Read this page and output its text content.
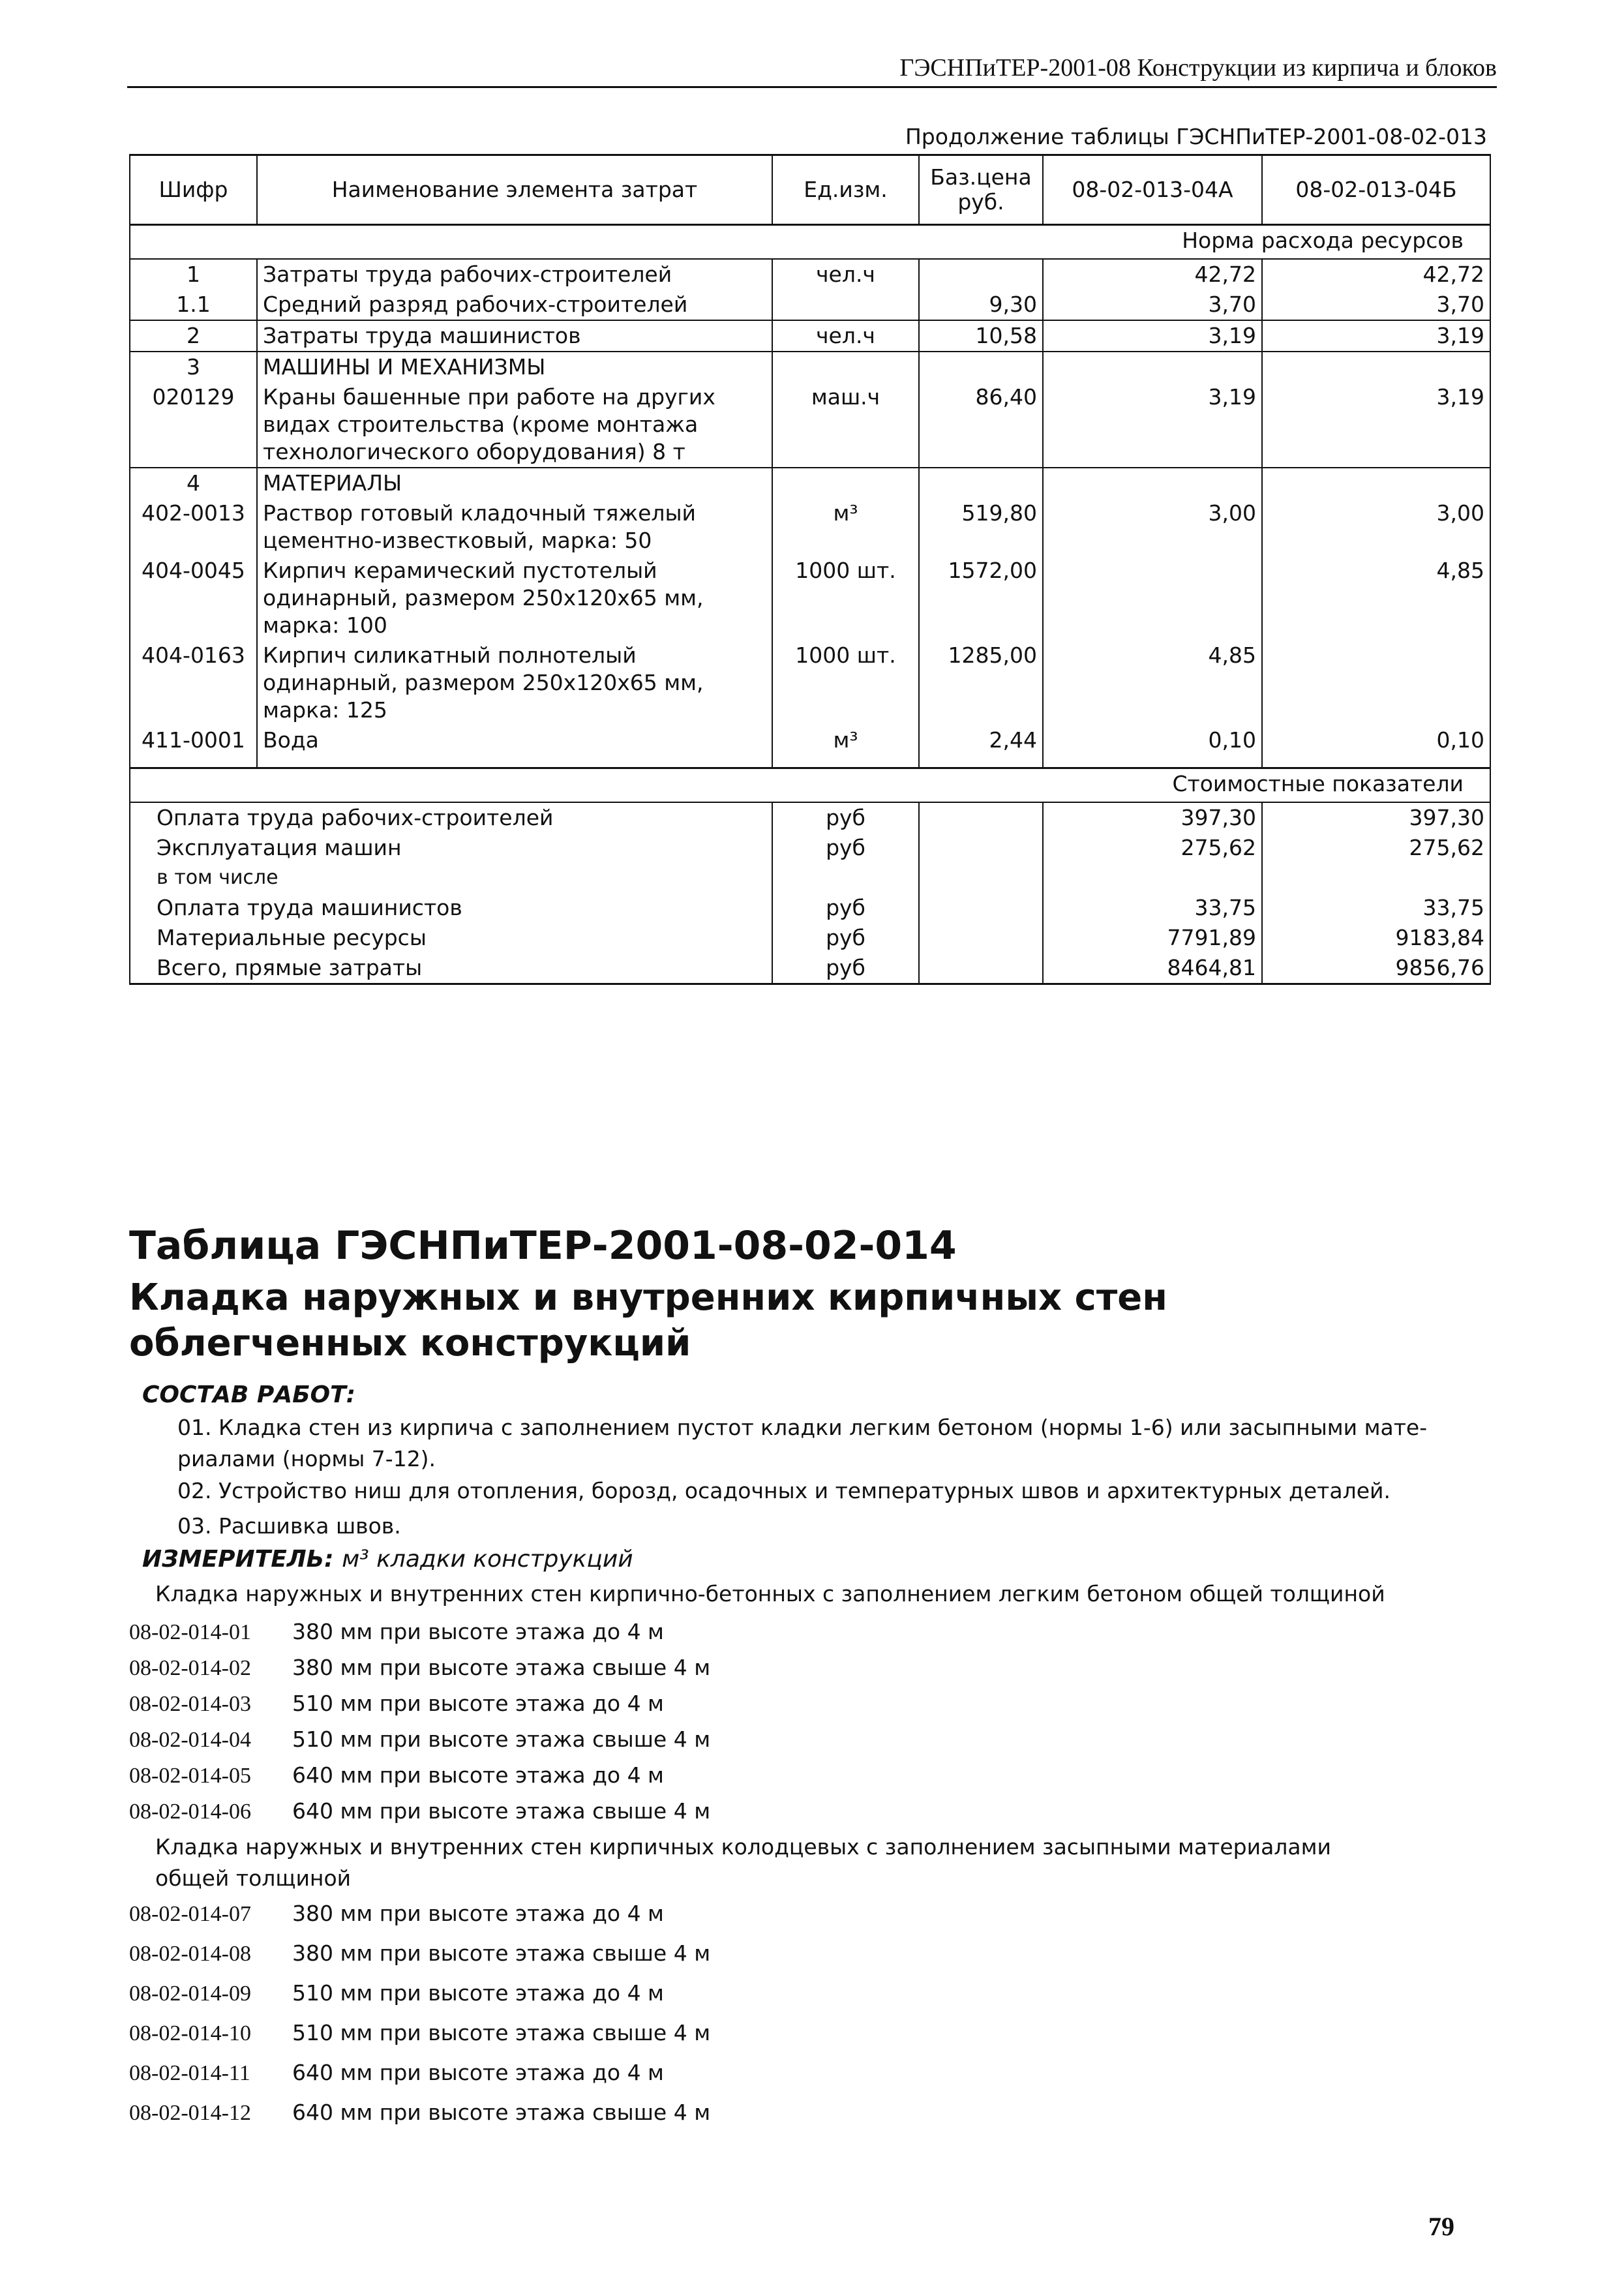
ГЭСНПиТЕР-2001-08 Конструкции из кирпича и блоков
Продолжение таблицы ГЭСНПиТЕР-2001-08-02-013
Шифр	Наименование элемента затрат	Ед.изм.	Баз.цена руб.	08-02-013-04А	08-02-013-04Б
Норма расхода ресурсов					
1	Затраты труда рабочих-строителей	чел.ч		42,72	42,72
1.1	Средний разряд рабочих-строителей		9,30	3,70	3,70
2	Затраты труда машинистов	чел.ч	10,58	3,19	3,19
3	МАШИНЫ И МЕХАНИЗМЫ				
020129	Краны башенные при работе на других видах строительства (кроме монтажа технологического оборудования) 8 т	маш.ч	86,40	3,19	3,19
4	МАТЕРИАЛЫ				
402-0013	Раствор готовый кладочный тяжелый цементно-известковый, марка: 50	м³	519,80	3,00	3,00
404-0045	Кирпич керамический пустотелый одинарный, размером 250х120х65 мм, марка: 100	1000 шт.	1572,00		4,85
404-0163	Кирпич силикатный полнотелый одинарный, размером 250х120х65 мм, марка: 125	1000 шт.	1285,00	4,85	
411-0001	Вода	м³	2,44	0,10	0,10

Стоимостные показатели					
Оплата труда рабочих-строителей		руб		397,30	397,30
Эксплуатация машин		руб		275,62	275,62
в том числе					
Оплата труда машинистов		руб		33,75	33,75
Материальные ресурсы		руб		7791,89	9183,84
Всего, прямые затраты		руб		8464,81	9856,76
Таблица ГЭСНПиТЕР-2001-08-02-014
Кладка наружных и внутренних кирпичных стен облегченных конструкций
СОСТАВ РАБОТ:
01. Кладка стен из кирпича с заполнением пустот кладки легким бетоном (нормы 1-6) или засыпными мате-риалами (нормы 7-12).
02. Устройство ниш для отопления, борозд, осадочных и температурных швов и архитектурных деталей.
03. Расшивка швов.
ИЗМЕРИТЕЛЬ: м³ кладки конструкций
Кладка наружных и внутренних стен кирпично-бетонных с заполнением легким бетоном общей толщиной
08-02-014-01 380 мм при высоте этажа до 4 м
08-02-014-02 380 мм при высоте этажа свыше 4 м
08-02-014-03 510 мм при высоте этажа до 4 м
08-02-014-04 510 мм при высоте этажа свыше 4 м
08-02-014-05 640 мм при высоте этажа до 4 м
08-02-014-06 640 мм при высоте этажа свыше 4 м
Кладка наружных и внутренних стен кирпичных колодцевых с заполнением засыпными материалами общей толщиной
08-02-014-07 380 мм при высоте этажа до 4 м
08-02-014-08 380 мм при высоте этажа свыше 4 м
08-02-014-09 510 мм при высоте этажа до 4 м
08-02-014-10 510 мм при высоте этажа свыше 4 м
08-02-014-11 640 мм при высоте этажа до 4 м
08-02-014-12 640 мм при высоте этажа свыше 4 м
79
